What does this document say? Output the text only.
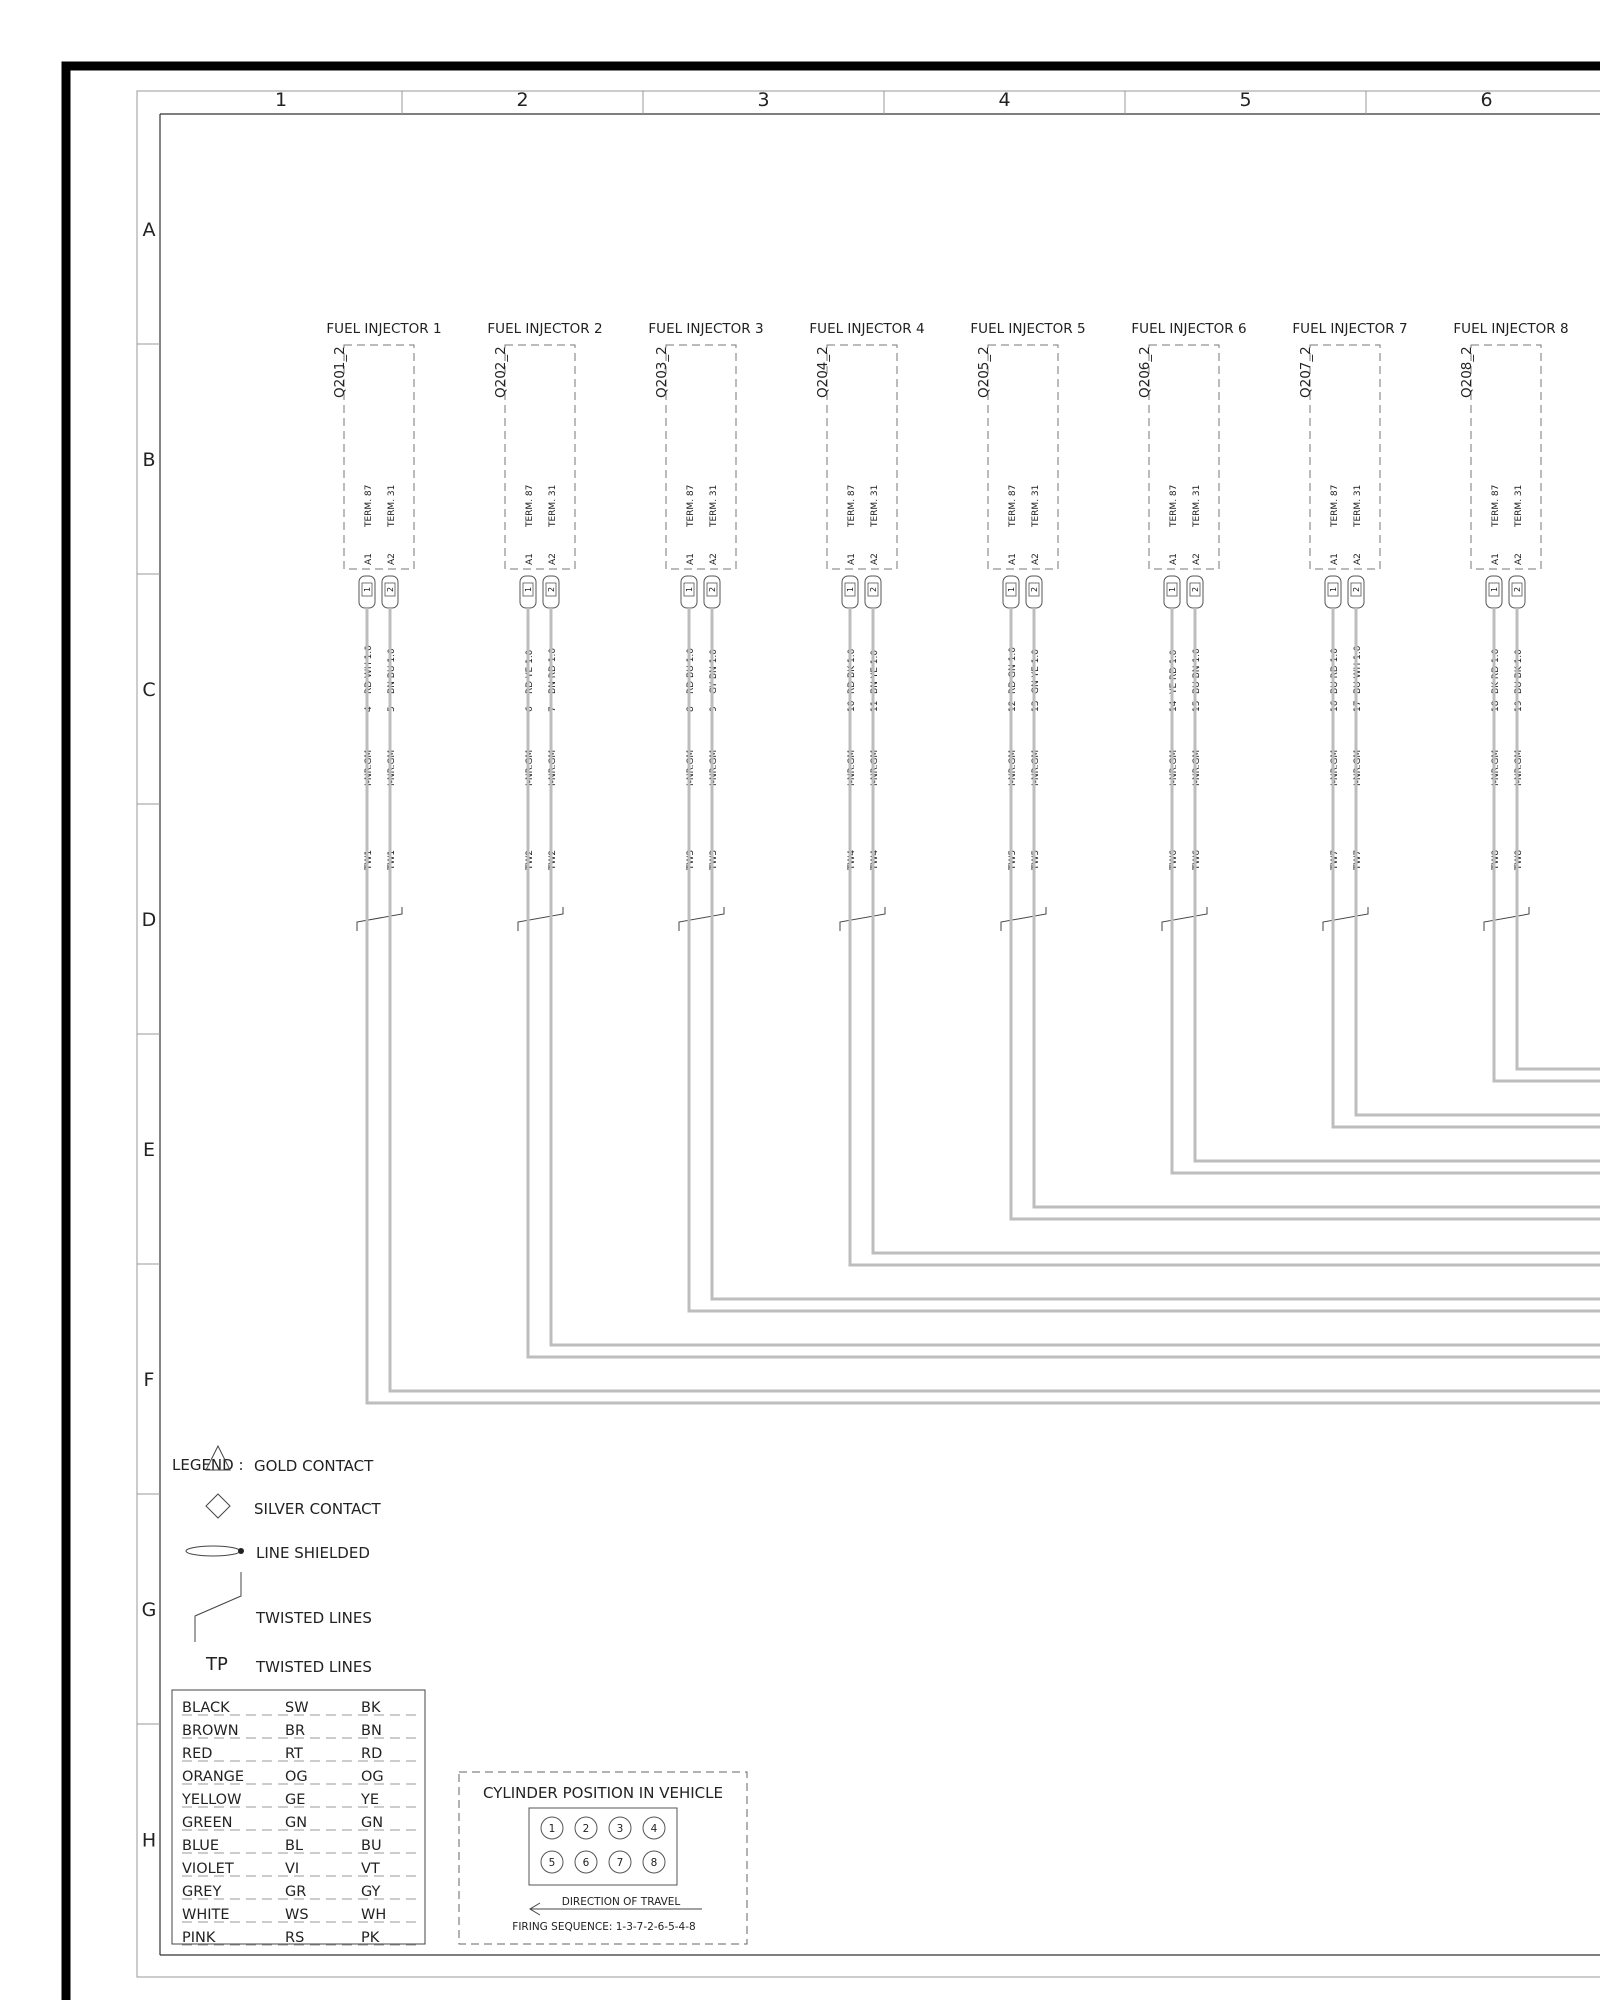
1	2	3	4	5	6
A
B
C
D
E
F
G
H
FUEL INJECTOR 1
Q201_2
TERM. 87 TERM. 31
A1 A2
1 2
4
RD WH 1.0
5
BN BU 1.0
I-NR.GM I-NR.GM
TW1 TW1
FUEL INJECTOR 2
Q202_2
TERM. 87 TERM. 31
A1 A2
1 2
6
RD YE 1.0
7
BN RD 1.0
I-NR.GM I-NR.GM
TW2 TW2
FUEL INJECTOR 3
Q203_2
TERM. 87 TERM. 31
A1 A2
1 2
8
RD BU 1.0
9
GY BN 1.0
I-NR.GM I-NR.GM
TW3 TW3
FUEL INJECTOR 4
Q204_2
TERM. 87 TERM. 31
A1 A2
1 2
10
RD BK 1.0
11
BN YE 1.0
I-NR.GM I-NR.GM
TW4 TW4
FUEL INJECTOR 5
Q205_2
TERM. 87 TERM. 31
A1 A2
1 2
12
RD GN 1.0
13
GN YE 1.0
I-NR.GM I-NR.GM
TW5 TW5
FUEL INJECTOR 6
Q206_2
TERM. 87 TERM. 31
A1 A2
1 2
14
YE RD 1.0
15
BU BN 1.0
I-NR.GM I-NR.GM
TW6 TW6
FUEL INJECTOR 7
Q207_2
TERM. 87 TERM. 31
A1 A2
1 2
16
BU RD 1.0
17
BU WH 1.0
I-NR.GM I-NR.GM
TW7 TW7
FUEL INJECTOR 8
Q208_2
TERM. 87 TERM. 31
A1 A2
1 2
18
BK RD 1.0
19
BU BK 1.0
I-NR.GM I-NR.GM
TW8 TW8
LEGEND : GOLD CONTACT
SILVER CONTACT
LINE SHIELDED
TWISTED LINES
TP TWISTED LINES
BLACK	SW	BK
BROWN	BR	BN
RED	RT	RD
ORANGE	OG	OG
YELLOW	GE	YE
GREEN	GN	GN
BLUE	BL	BU
VIOLET	VI	VT
GREY	GR	GY
WHITE	WS	WH
PINK	RS	PK
CYLINDER POSITION IN VEHICLE
1	2	3	4
5	6	7	8
DIRECTION OF TRAVEL
FIRING SEQUENCE: 1-3-7-2-6-5-4-8
